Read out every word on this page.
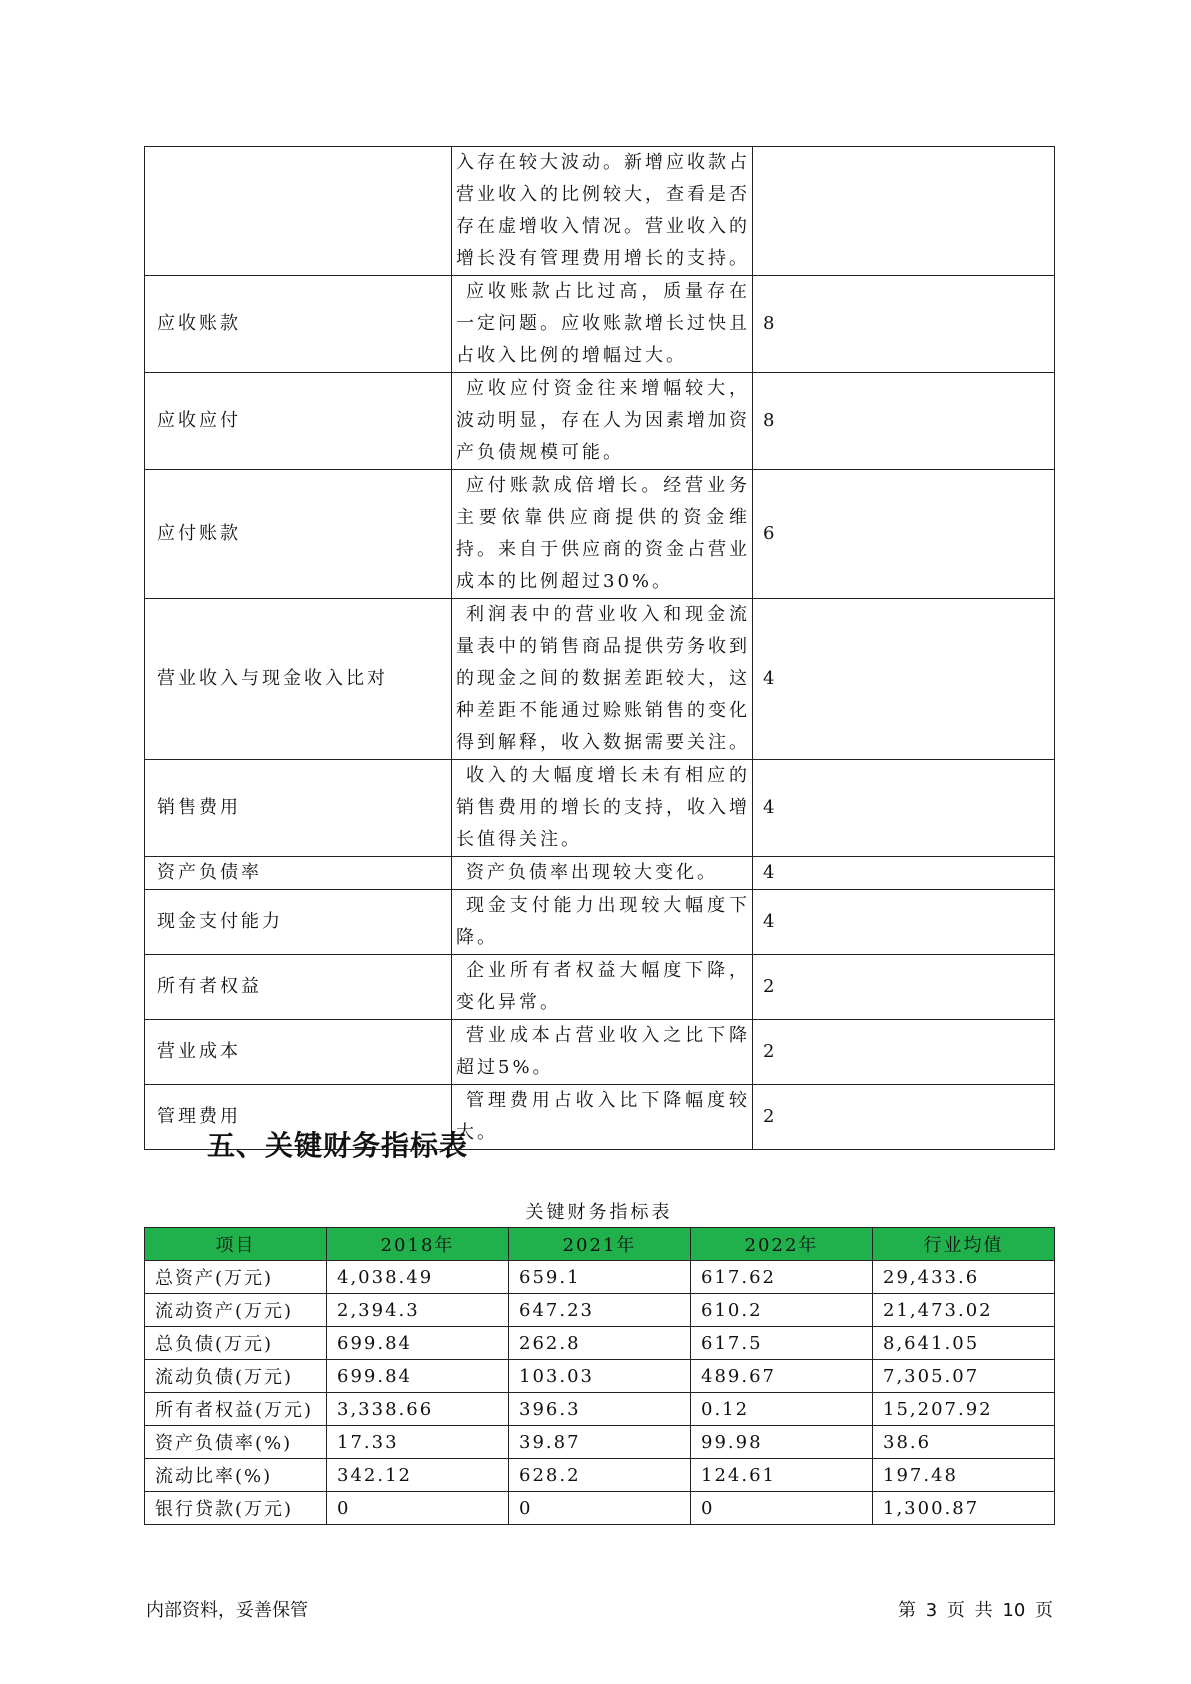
	入存在较大波动。新增应收款占营业收入的比例较大，查看是否存在虚增收入情况。营业收入的增长没有管理费用增长的支持。	
应收账款	应收账款占比过高，质量存在一定问题。应收账款增长过快且占收入比例的增幅过大。	8
应收应付	应收应付资金往来增幅较大，波动明显，存在人为因素增加资产负债规模可能。	8
应付账款	应付账款成倍增长。经营业务主要依靠供应商提供的资金维持。来自于供应商的资金占营业成本的比例超过30%。	6
营业收入与现金收入比对	利润表中的营业收入和现金流量表中的销售商品提供劳务收到的现金之间的数据差距较大，这种差距不能通过赊账销售的变化得到解释，收入数据需要关注。	4
销售费用	收入的大幅度增长未有相应的销售费用的增长的支持，收入增长值得关注。	4
资产负债率	资产负债率出现较大变化。	4
现金支付能力	现金支付能力出现较大幅度下降。	4
所有者权益	企业所有者权益大幅度下降，变化异常。	2
营业成本	营业成本占营业收入之比下降超过5%。	2
管理费用	管理费用占收入比下降幅度较大。	2
五、关键财务指标表
关键财务指标表
项目	2018年	2021年	2022年	行业均值
总资产(万元)	4,038.49	659.1	617.62	29,433.6
流动资产(万元)	2,394.3	647.23	610.2	21,473.02
总负债(万元)	699.84	262.8	617.5	8,641.05
流动负债(万元)	699.84	103.03	489.67	7,305.07
所有者权益(万元)	3,338.66	396.3	0.12	15,207.92
资产负债率(%)	17.33	39.87	99.98	38.6
流动比率(%)	342.12	628.2	124.61	197.48
银行贷款(万元)	0	0	0	1,300.87
内部资料，妥善保管	第 3 页 共 10 页
